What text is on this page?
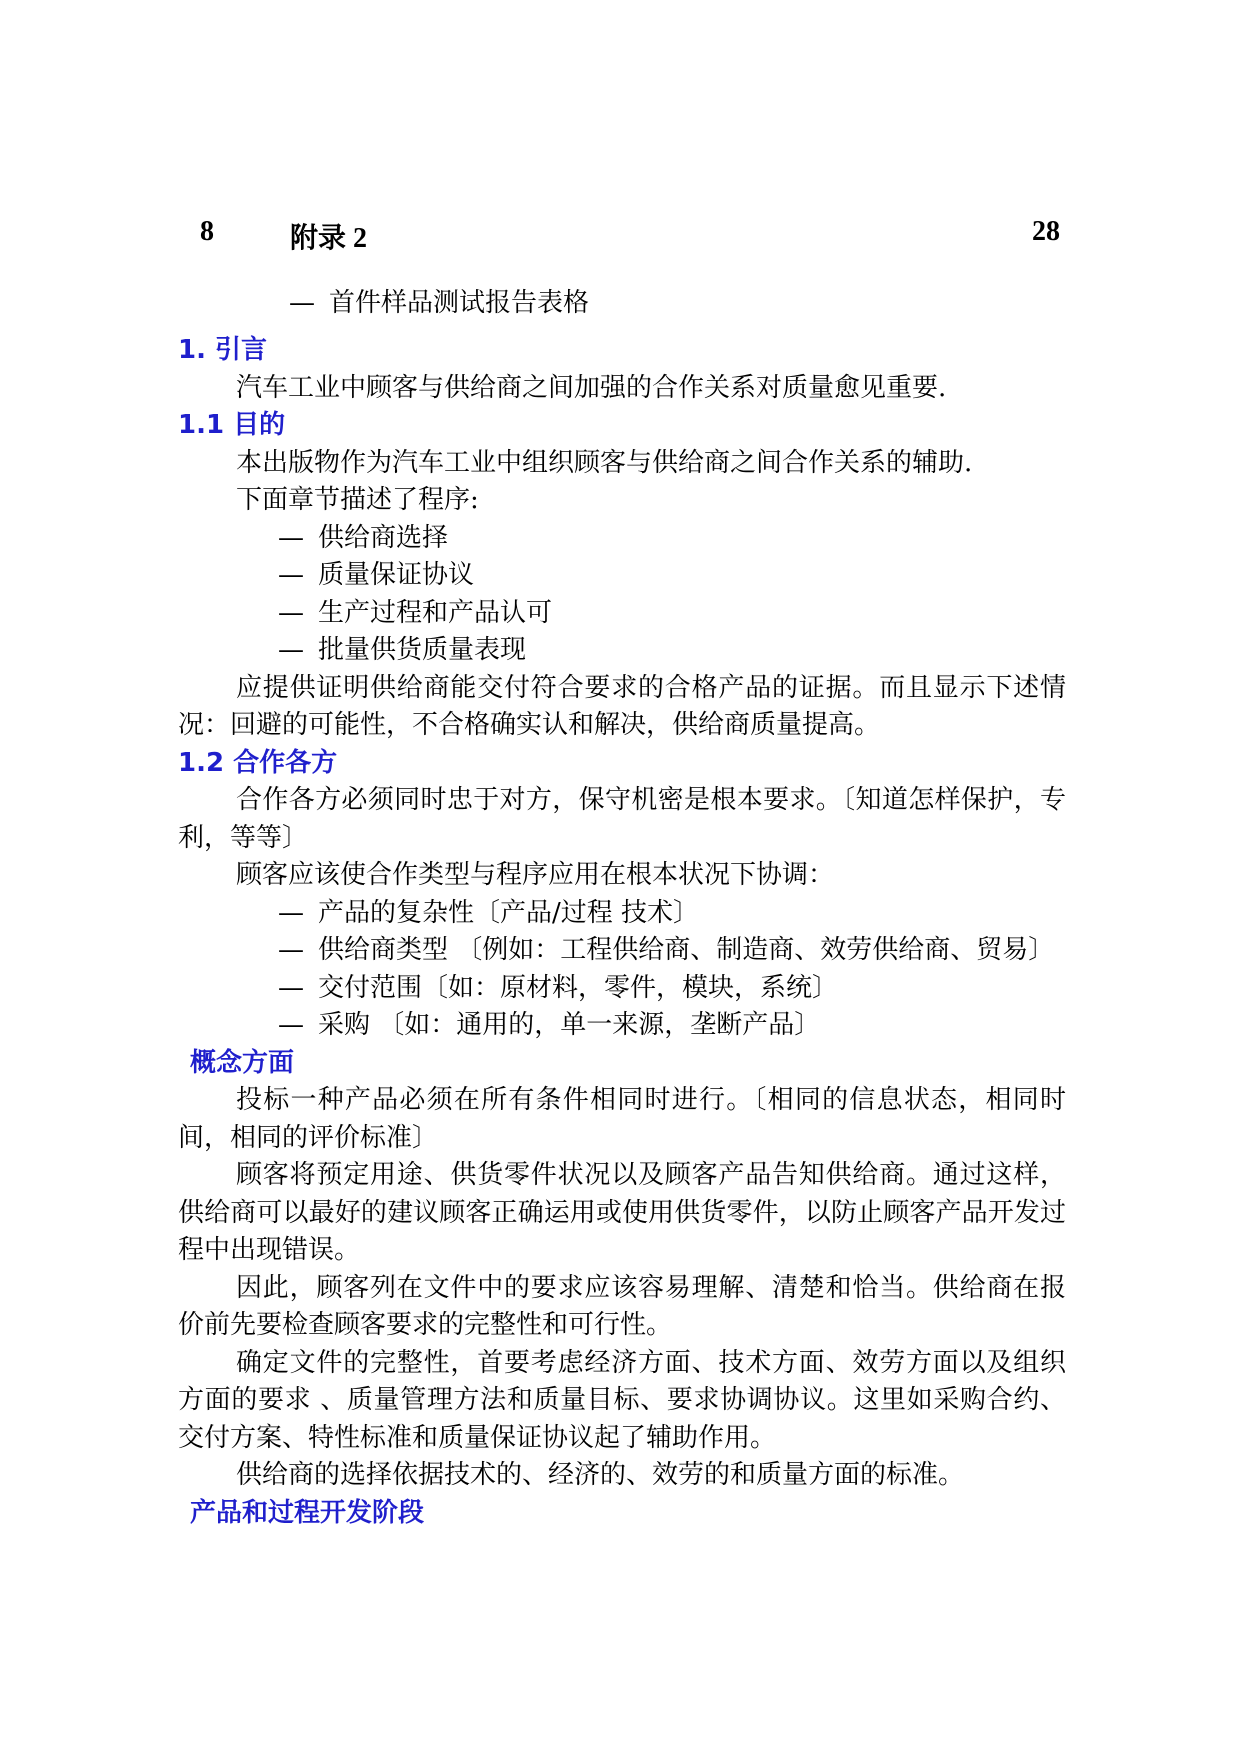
8	附录 2	28
— 首件样品测试报告表格

1. 引言

汽车工业中顾客与供给商之间加强的合作关系对质量愈见重要.

1.1 目的

本出版物作为汽车工业中组织顾客与供给商之间合作关系的辅助.

下面章节描述了程序:

— 供给商选择

— 质量保证协议

— 生产过程和产品认可

— 批量供货质量表现

应提供证明供给商能交付符合要求的合格产品的证据。而且显示下述情况：回避的可能性，不合格确实认和解决，供给商质量提高。

1.2 合作各方

合作各方必须同时忠于对方，保守机密是根本要求。〔知道怎样保护，专利，等等〕

顾客应该使合作类型与程序应用在根本状况下协调：

— 产品的复杂性〔产品/过程 技术〕

— 供给商类型 〔例如：工程供给商、制造商、效劳供给商、贸易〕

— 交付范围〔如：原材料，零件，模块，系统〕

— 采购 〔如：通用的，单一来源，垄断产品〕

概念方面

投标一种产品必须在所有条件相同时进行。〔相同的信息状态，相同时间，相同的评价标准〕

顾客将预定用途、供货零件状况以及顾客产品告知供给商。通过这样，供给商可以最好的建议顾客正确运用或使用供货零件，以防止顾客产品开发过程中出现错误。

因此，顾客列在文件中的要求应该容易理解、清楚和恰当。供给商在报价前先要检查顾客要求的完整性和可行性。

确定文件的完整性，首要考虑经济方面、技术方面、效劳方面以及组织方面的要求 、质量管理方法和质量目标、要求协调协议。这里如采购合约、交付方案、特性标准和质量保证协议起了辅助作用。

供给商的选择依据技术的、经济的、效劳的和质量方面的标准。

产品和过程开发阶段
